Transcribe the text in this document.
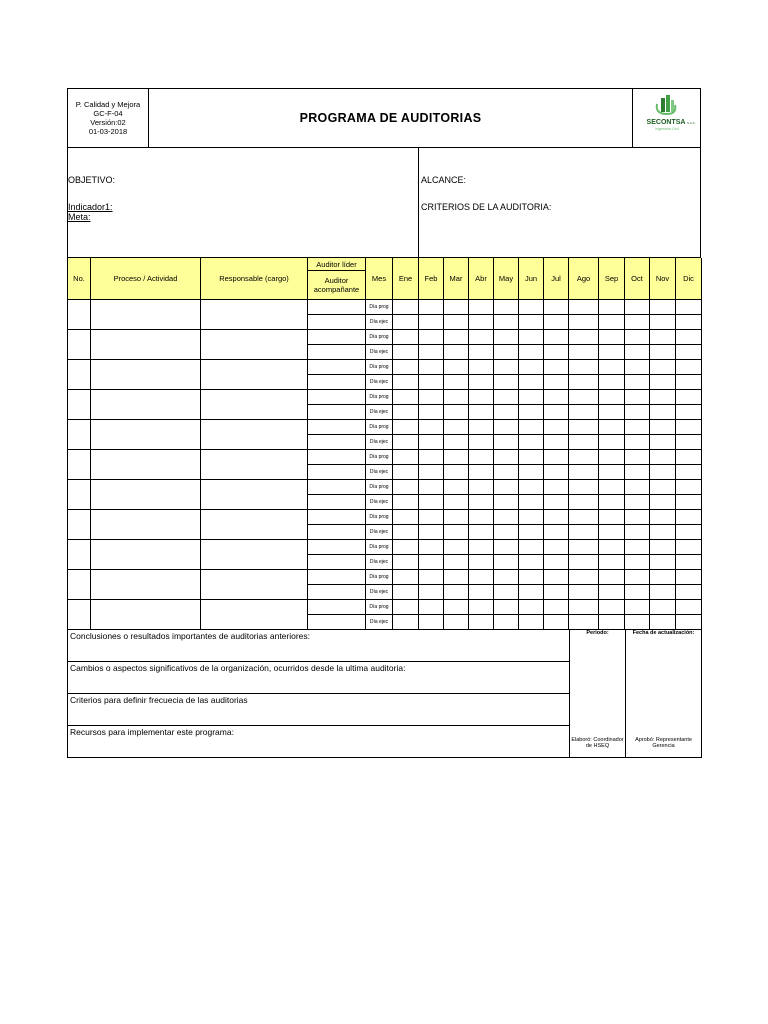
P. Calidad y Mejora
GC-F-04
Versión:02
01-03-2018
	PROGRAMA DE AUDITORIAS	SECONTSA S.A.S
Ingeniería Civil
OBJETIVO:
Indicador1:
Meta:

ALCANCE:
CRITERIOS DE LA AUDITORIA:
No.	Proceso / Actividad	Responsable (cargo)	Auditor líder	Mes	Ene	Feb	Mar	Abr	May	Jun	Jul	Ago	Sep	Oct	Nov	Dic
			Auditor acompañante													
				Día prog												
				Día ejec												
				Día prog												
				Día ejec												
				Día prog												
				Día ejec												
				Día prog												
				Día ejec												
				Día prog												
				Día ejec												
				Día prog												
				Día ejec												
				Día prog												
				Día ejec												
				Día prog												
				Día ejec												
				Día prog												
				Día ejec												
				Día prog												
				Día ejec												
				Día prog												
				Día ejec												
Conclusiones o resultados importantes de auditorias anteriores:	Periodo:
Elaboró: Coordinador de HSEQ

Fecha de actualización:
Aprobó: Representante Gerencia

Cambios o aspectos significativos de la organización, ocurridos desde la ultima auditoria:
Criterios para definir frecuecia de las auditorias
Recursos para implementar este programa:
